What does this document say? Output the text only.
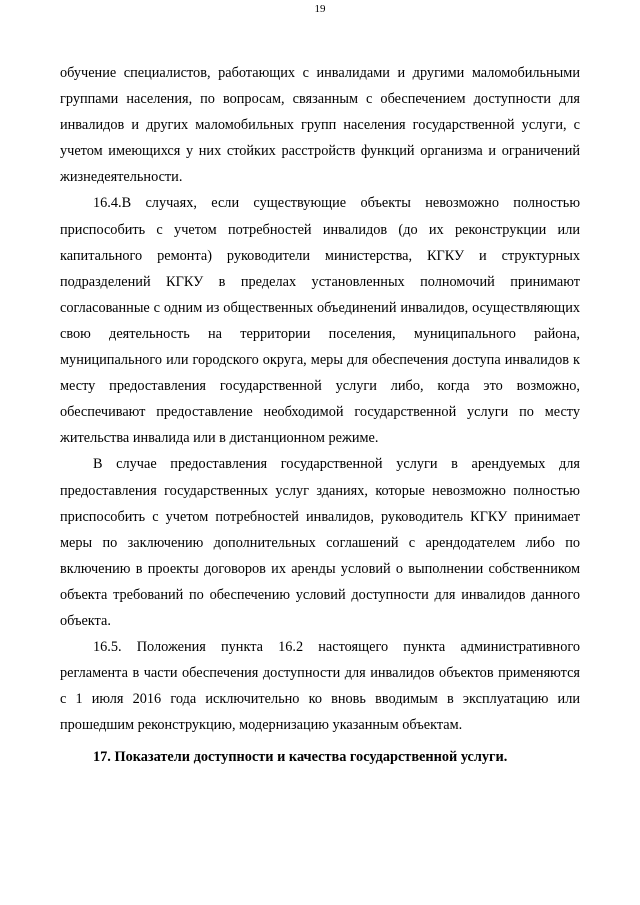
19

обучение специалистов, работающих с инвалидами и другими маломобильными группами населения, по вопросам, связанным с обеспечением доступности для инвалидов и других маломобильных групп населения государственной услуги, с учетом имеющихся у них стойких расстройств функций организма и ограничений жизнедеятельности.

16.4.В случаях, если существующие объекты невозможно полностью приспособить с учетом потребностей инвалидов (до их реконструкции или капитального ремонта) руководители министерства, КГКУ и структурных подразделений КГКУ в пределах установленных полномочий принимают согласованные с одним из общественных объединений инвалидов, осуществляющих свою деятельность на территории поселения, муниципального района, муниципального или городского округа, меры для обеспечения доступа инвалидов к месту предоставления государственной услуги либо, когда это возможно, обеспечивают предоставление необходимой государственной услуги по месту жительства инвалида или в дистанционном режиме.

В случае предоставления государственной услуги в арендуемых для предоставления государственных услуг зданиях, которые невозможно полностью приспособить с учетом потребностей инвалидов, руководитель КГКУ принимает меры по заключению дополнительных соглашений с арендодателем либо по включению в проекты договоров их аренды условий о выполнении собственником объекта требований по обеспечению условий доступности для инвалидов данного объекта.

16.5. Положения пункта 16.2 настоящего пункта административного регламента в части обеспечения доступности для инвалидов объектов применяются с 1 июля 2016 года исключительно ко вновь вводимым в эксплуатацию или прошедшим реконструкцию, модернизацию указанным объектам.

17. Показатели доступности и качества государственной услуги.
